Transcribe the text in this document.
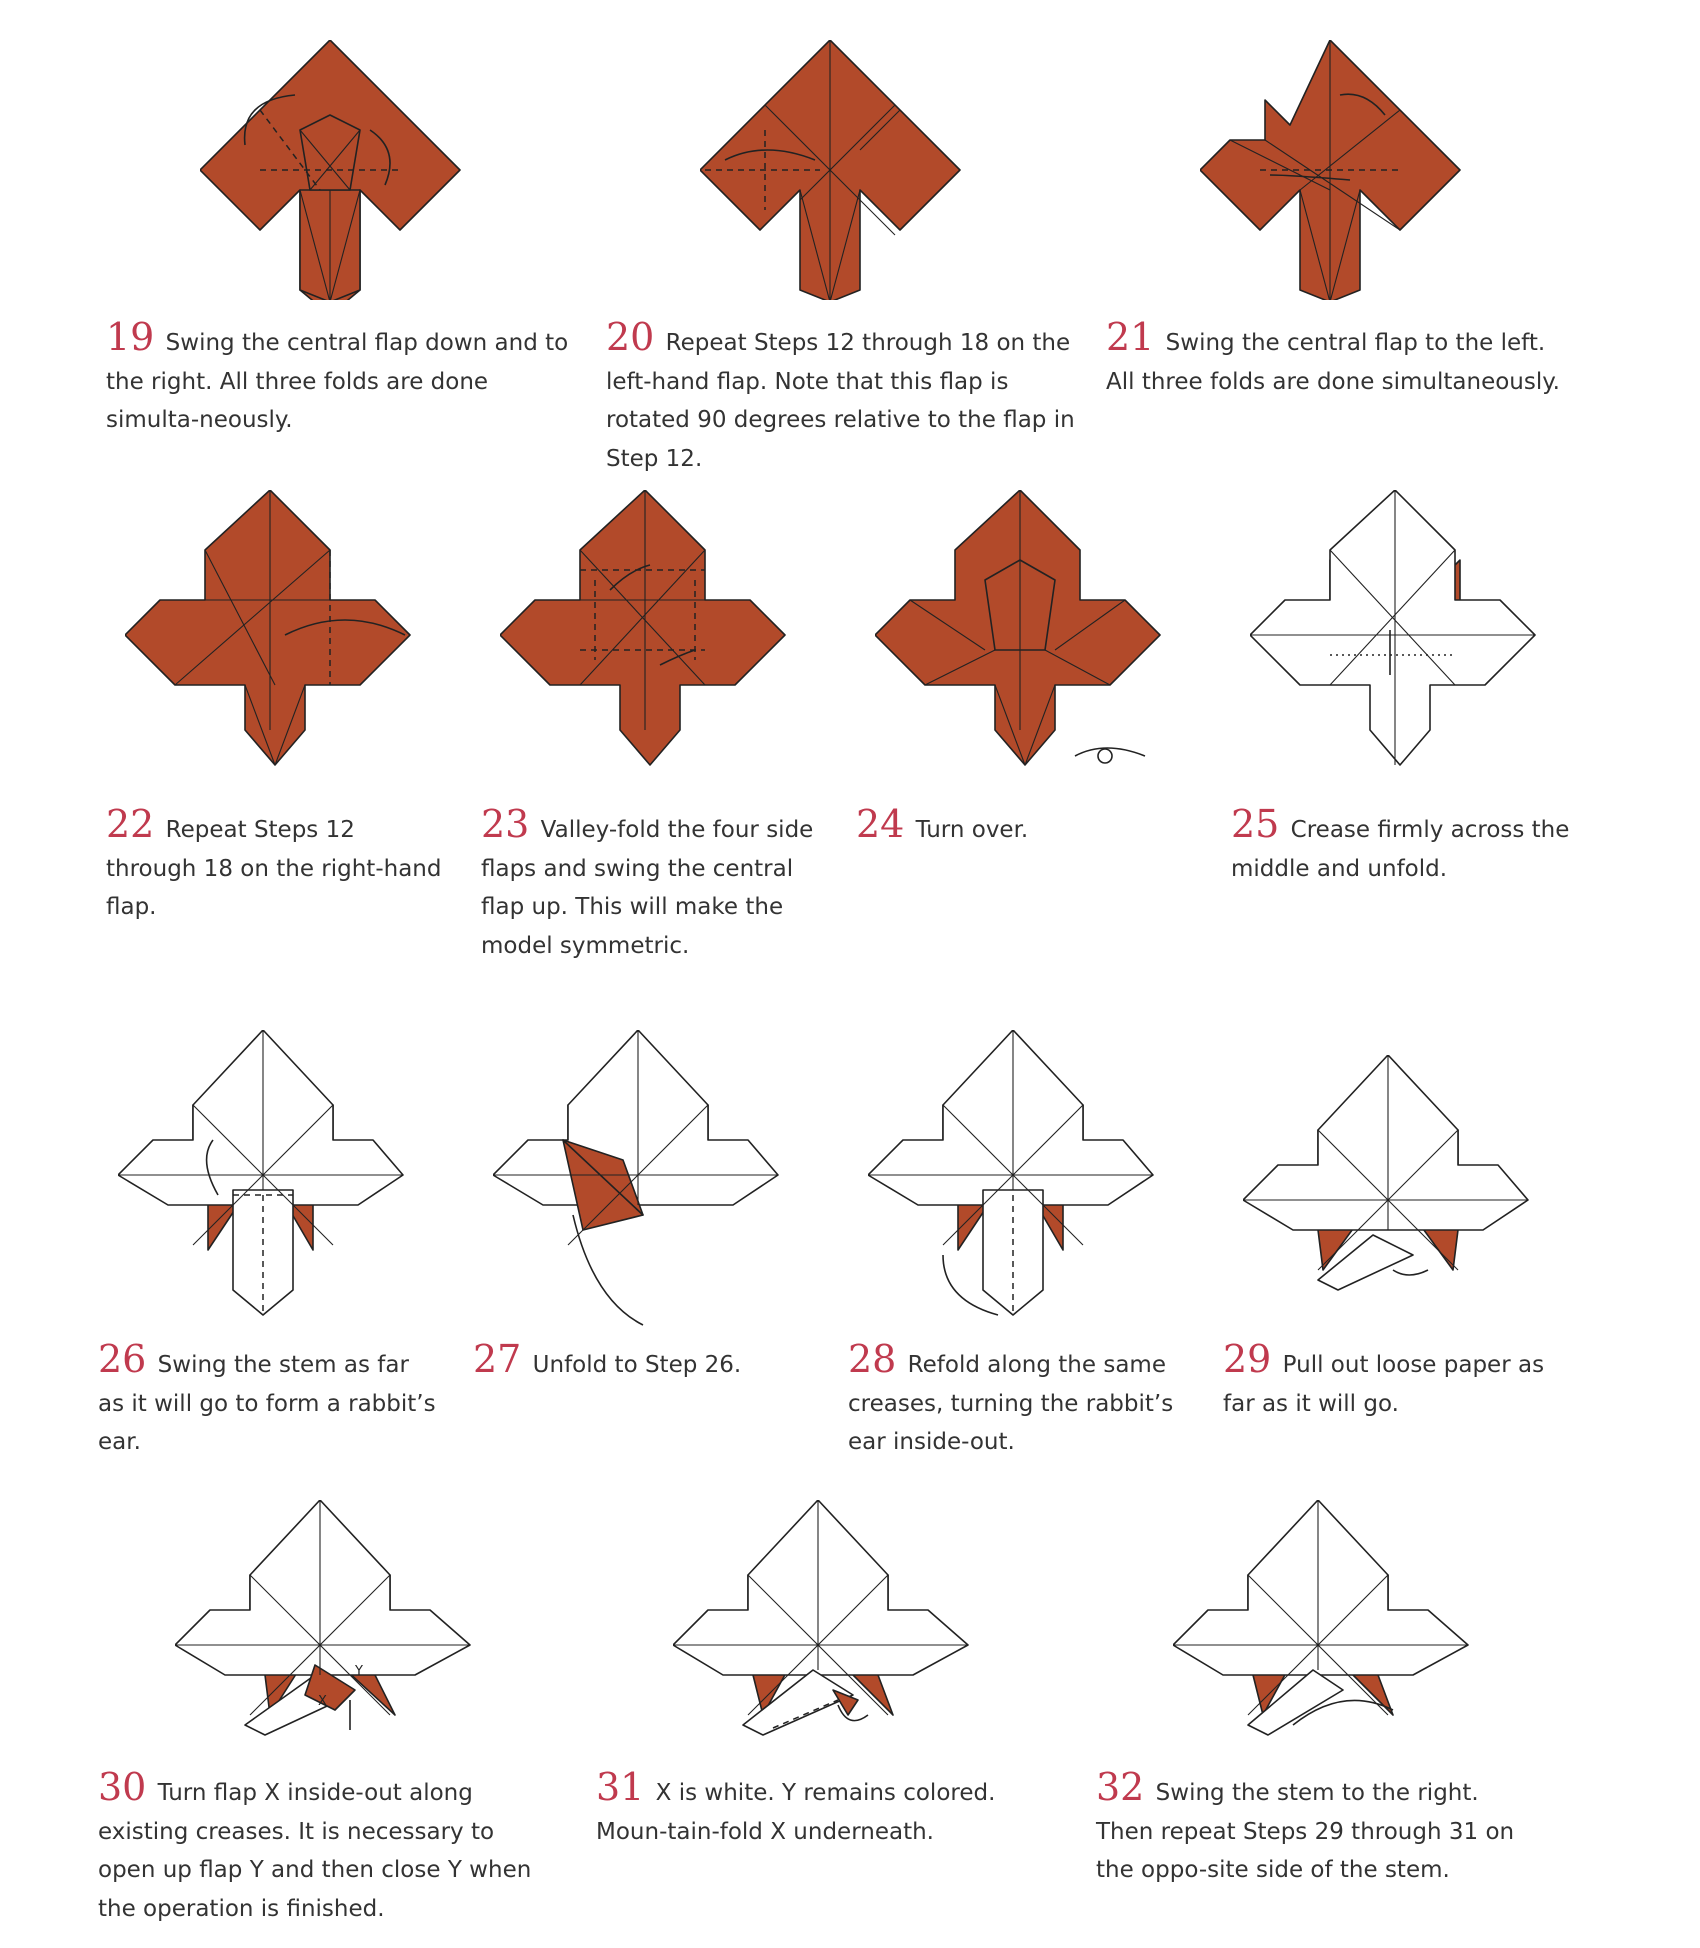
19 Swing the central flap down and to the right. All three folds are done simulta-neously.
20 Repeat Steps 12 through 18 on the left-hand flap. Note that this flap is rotated 90 degrees relative to the flap in Step 12.
21 Swing the central flap to the left. All three folds are done simultaneously.
22 Repeat Steps 12 through 18 on the right-hand flap.
23 Valley-fold the four side flaps and swing the central flap up. This will make the model symmetric.
24 Turn over.	25 Crease firmly across the middle and unfold.
26 Swing the stem as far as it will go to form a rabbit’s ear.
27 Unfold to Step 26.	28 Refold along the same creases, turning the rabbit’s ear inside-out.
29 Pull out loose paper as far as it will go.
X
Y
30 Turn flap X inside-out along existing creases. It is necessary to open up flap Y and then close Y when the operation is finished.
31 X is white. Y remains colored. Moun-tain-fold X underneath.
32 Swing the stem to the right. Then repeat Steps 29 through 31 on the oppo-site side of the stem.
